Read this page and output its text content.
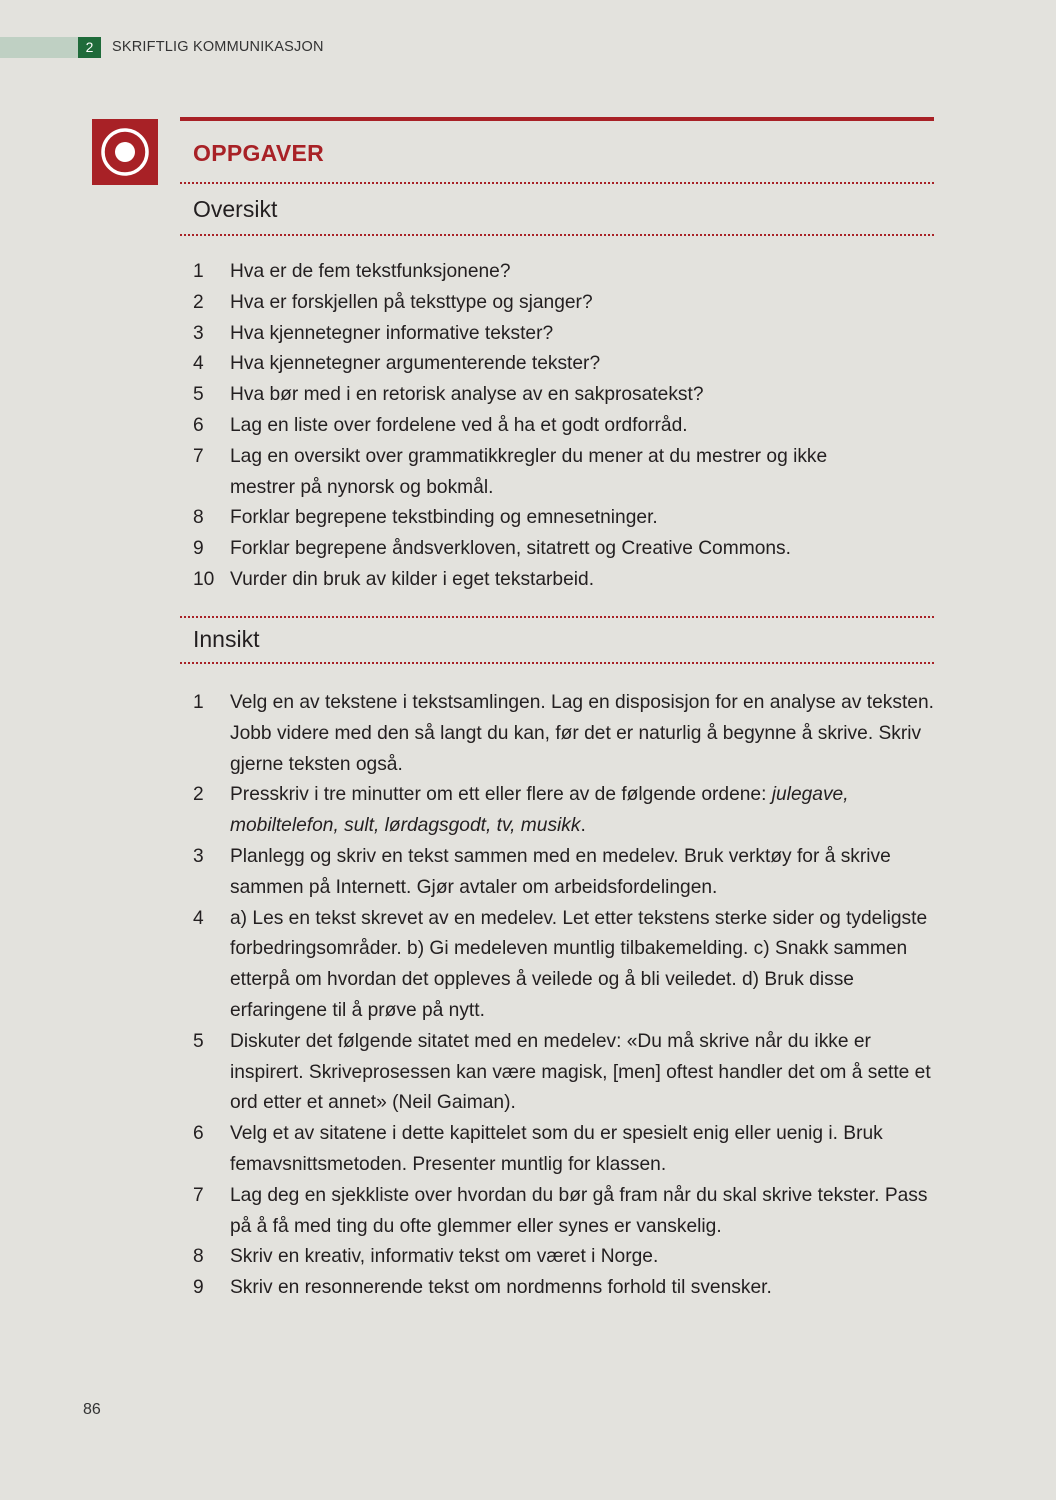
2	SKRIFTLIG KOMMUNIKASJON
OPPGAVER
Oversikt
1 Hva er de fem tekstfunksjonene?
2 Hva er forskjellen på teksttype og sjanger?
3 Hva kjennetegner informative tekster?
4 Hva kjennetegner argumenterende tekster?
5 Hva bør med i en retorisk analyse av en sakprosatekst?
6 Lag en liste over fordelene ved å ha et godt ordforråd.
7 Lag en oversikt over grammatikkregler du mener at du mestrer og ikke mestrer på nynorsk og bokmål.
8 Forklar begrepene tekstbinding og emnesetninger.
9 Forklar begrepene åndsverkloven, sitatrett og Creative Commons.
10 Vurder din bruk av kilder i eget tekstarbeid.
Innsikt
1 Velg en av tekstene i tekstsamlingen. Lag en disposisjon for en analyse av teksten. Jobb videre med den så langt du kan, før det er naturlig å begynne å skrive. Skriv gjerne teksten også.
2 Presskriv i tre minutter om ett eller flere av de følgende ordene: julegave, mobiltelefon, sult, lørdagsgodt, tv, musikk.
3 Planlegg og skriv en tekst sammen med en medelev. Bruk verktøy for å skrive sammen på Internett. Gjør avtaler om arbeidsfordelingen.
4 a) Les en tekst skrevet av en medelev. Let etter tekstens sterke sider og tydeligste forbedringsområder. b) Gi medeleven muntlig tilbakemelding. c) Snakk sammen etterpå om hvordan det oppleves å veilede og å bli veiledet. d) Bruk disse erfaringene til å prøve på nytt.
5 Diskuter det følgende sitatet med en medelev: «Du må skrive når du ikke er inspirert. Skriveprosessen kan være magisk, [men] oftest handler det om å sette et ord etter et annet» (Neil Gaiman).
6 Velg et av sitatene i dette kapittelet som du er spesielt enig eller uenig i. Bruk femavsnittsmetoden. Presenter muntlig for klassen.
7 Lag deg en sjekkliste over hvordan du bør gå fram når du skal skrive tekster. Pass på å få med ting du ofte glemmer eller synes er vanskelig.
8 Skriv en kreativ, informativ tekst om været i Norge.
9 Skriv en resonnerende tekst om nordmenns forhold til svensker.
86
